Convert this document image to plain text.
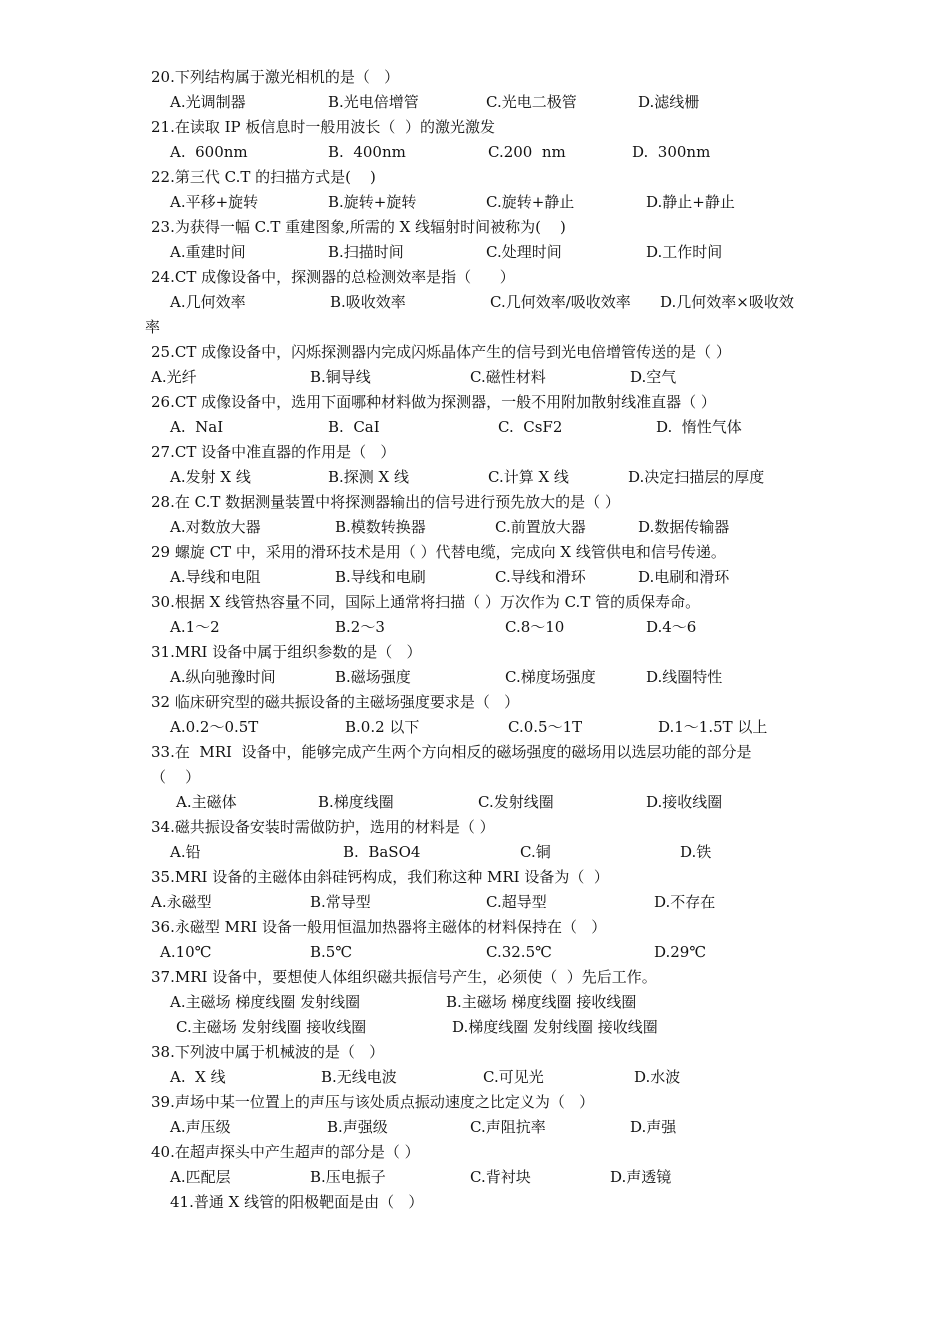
20.下列结构属于激光相机的是（   ）
A.光调制器	B.光电倍增管	C.光电二极管	D.滤线栅
21.在读取 IP 板信息时一般用波长（  ）的激光激发
A.  600nm	B.  400nm	C.200  nm	D.  300nm
22.第三代 C.T 的扫描方式是(    )
A.平移+旋转	B.旋转+旋转	C.旋转+静止	D.静止+静止
23.为获得一幅 C.T 重建图象,所需的 X 线辐射时间被称为(    )
A.重建时间	B.扫描时间	C.处理时间	D.工作时间
24.CT 成像设备中，探测器的总检测效率是指（      ）
A.几何效率	B.吸收效率	C.几何效率/吸收效率 D.几何效率×吸收效
率
25.CT 成像设备中，闪烁探测器内完成闪烁晶体产生的信号到光电倍增管传送的是（ ）
A.光纤	B.铜导线	C.磁性材料	D.空气
26.CT 成像设备中，选用下面哪种材料做为探测器，一般不用附加散射线准直器（ ）
A.  NaI	B.  CaI	C.  CsF2	D.  惰性气体
27.CT 设备中准直器的作用是（   ）
A.发射 X 线	B.探测 X 线	C.计算 X 线	D.决定扫描层的厚度
28.在 C.T 数据测量装置中将探测器输出的信号进行预先放大的是（ ）
A.对数放大器	B.模数转换器	C.前置放大器	D.数据传输器
29 螺旋 CT 中，采用的滑环技术是用（ ）代替电缆，完成向 X 线管供电和信号传递。
A.导线和电阻	B.导线和电刷	C.导线和滑环	D.电刷和滑环
30.根据 X 线管热容量不同，国际上通常将扫描（ ）万次作为 C.T 管的质保寿命。
A.1～2	B.2～3	C.8～10	D.4～6
31.MRI 设备中属于组织参数的是（   ）
A.纵向驰豫时间	B.磁场强度	C.梯度场强度	D.线圈特性
32 临床研究型的磁共振设备的主磁场强度要求是（   ）
A.0.2～0.5T	B.0.2 以下	C.0.5～1T	D.1～1.5T 以上
33.在  MRI  设备中，能够完成产生两个方向相反的磁场强度的磁场用以选层功能的部分是
（    ）
A.主磁体	B.梯度线圈	C.发射线圈	D.接收线圈
34.磁共振设备安装时需做防护，选用的材料是（ ）
A.铅	B.  BaSO4	C.铜	D.铁
35.MRI 设备的主磁体由斜硅钙构成，我们称这种 MRI 设备为（  ）
A.永磁型	B.常导型	C.超导型	D.不存在
36.永磁型 MRI 设备一般用恒温加热器将主磁体的材料保持在（   ）
A.10℃	B.5℃	C.32.5℃	D.29℃
37.MRI 设备中，要想使人体组织磁共振信号产生，必须使（  ）先后工作。
A.主磁场 梯度线圈 发射线圈	B.主磁场 梯度线圈 接收线圈
C.主磁场 发射线圈 接收线圈	D.梯度线圈 发射线圈 接收线圈
38.下列波中属于机械波的是（   ）
A.  X 线	B.无线电波	C.可见光	D.水波
39.声场中某一位置上的声压与该处质点振动速度之比定义为（   ）
A.声压级	B.声强级	C.声阻抗率	D.声强
40.在超声探头中产生超声的部分是（ ）
A.匹配层	B.压电振子	C.背衬块	D.声透镜
41.普通 X 线管的阳极靶面是由（   ）
